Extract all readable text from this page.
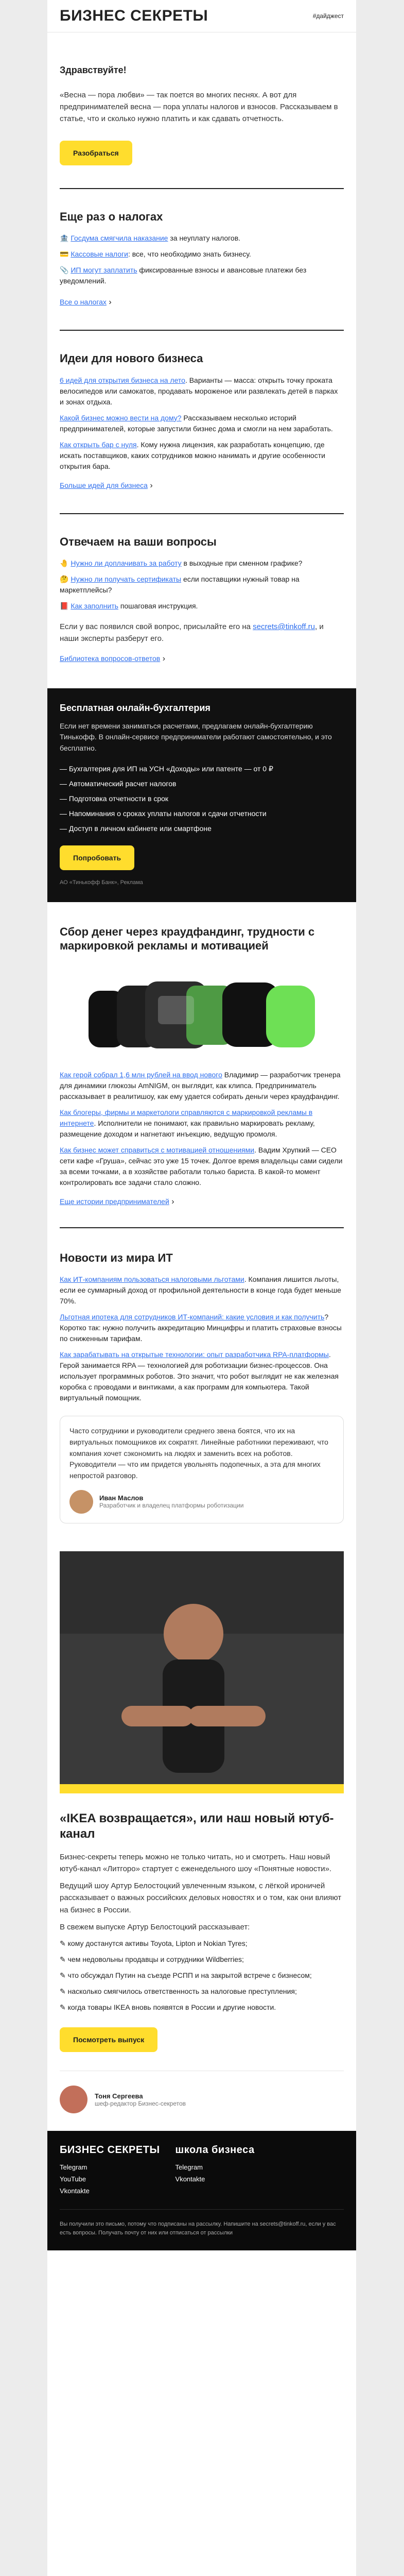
БИЗНЕС СЕКРЕТЫ	#дайджест
Здравствуйте!
«Весна — пора любви» — так поется во многих песнях. А вот для предпринимателей весна — пора уплаты налогов и взносов. Рассказываем в статье, что и сколько нужно платить и как сдавать отчетность.
Разобраться
Еще раз о налогах
🏦 Госдума смягчила наказание за неуплату налогов.
💳 Кассовые налоги: все, что необходимо знать бизнесу.
📎 ИП могут заплатить фиксированные взносы и авансовые платежи без уведомлений.
Все о налогах ›
Идеи для нового бизнеса
6 идей для открытия бизнеса на лето. Варианты — масса: открыть точку проката велосипедов или самокатов, продавать мороженое или развлекать детей в парках и зонах отдыха.
Какой бизнес можно вести на дому? Рассказываем несколько историй предпринимателей, которые запустили бизнес дома и смогли на нем заработать.
Как открыть бар с нуля. Кому нужна лицензия, как разработать концепцию, где искать поставщиков, каких сотрудников можно нанимать и другие особенности открытия бара.
Больше идей для бизнеса ›
Отвечаем на ваши вопросы
🤚 Нужно ли доплачивать за работу в выходные при сменном графике?
🤔 Нужно ли получать сертификаты если поставщики нужный товар на маркетплейсы?
📕 Как заполнить пошаговая инструкция.
Если у вас появился свой вопрос, присылайте его на secrets@tinkoff.ru, и наши эксперты разберут его.
Библиотека вопросов-ответов ›
Бесплатная онлайн-бухгалтерия
Если нет времени заниматься расчетами, предлагаем онлайн-бухгалтерию Тинькофф. В онлайн-сервисе предприниматели работают самостоятельно, и это бесплатно.
— Бухгалтерия для ИП на УСН «Доходы» или патенте — от 0 ₽
— Автоматический расчет налогов
— Подготовка отчетности в срок
— Напоминания о сроках уплаты налогов и сдачи отчетности
— Доступ в личном кабинете или смартфоне
Попробовать
АО «Тинькофф Банк», Реклама
Сбор денег через краудфандинг, трудности с маркировкой рекламы и мотивацией
Как герой собрал 1,6 млн рублей на ввод нового Владимир — разработчик тренера для динамики глюкозы AmNIGM, он выглядит, как клипса. Предприниматель рассказывает в реалитишоу, как ему удается собирать деньги через краудфандинг.
Как блогеры, фирмы и маркетологи справляются с маркировкой рекламы в интернете. Исполнители не понимают, как правильно маркировать рекламу, размещение доходом и нагнетают инъекцию, ведущую промоля.
Как бизнес может справиться с мотивацией отношениями. Вадим Хрупкий — СЕО сети кафе «Груша», сейчас это уже 15 точек. Долгое время владельцы сами сидели за всеми точками, а в хозяйстве работали только бариста. В какой-то момент контролировать все задачи стало сложно.
Еще истории предпринимателей ›
Новости из мира ИТ
Как ИТ-компаниям пользоваться налоговыми льготами. Компания лишится льготы, если ее суммарный доход от профильной деятельности в конце года будет меньше 70%.
Льготная ипотека для сотрудников ИТ-компаний: какие условия и как получить? Коротко так: нужно получить аккредитацию Минцифры и платить страховые взносы по сниженным тарифам.
Как зарабатывать на открытые технологии: опыт разработчика RPA-платформы. Герой занимается RPA — технологией для роботизации бизнес-процессов. Она использует программных роботов. Это значит, что робот выглядит не как железная коробка с проводами и винтиками, а как программ для компьютера. Такой виртуальный помощник.
Часто сотрудники и руководители среднего звена боятся, что их на виртуальных помощников их сократят. Линейные работники переживают, что компания хочет сэкономить на людях и заменить всех на роботов. Руководители — что им придется увольнять подопечных, а эта для многих непростой разговор.
Иван Маслов
Разработчик и владелец платформы роботизации
«IKEA возвращается», или наш новый ютуб-канал
Бизнес-секреты теперь можно не только читать, но и смотреть. Наш новый ютуб-канал «Литгоро» стартует с еженедельного шоу «Понятные новости».
Ведущий шоу Артур Белостоцкий увлеченным языком, с лёгкой ироничей рассказывает о важных российских деловых новостях и о том, как они влияют на бизнес в России.
В свежем выпуске Артур Белостоцкий рассказывает:
✎ кому достанутся активы Toyota, Lipton и Nokian Tyres;
✎ чем недовольны продавцы и сотрудники Wildberries;
✎ что обсуждал Путин на съезде РСПП и на закрытой встрече с бизнесом;
✎ насколько смягчилось ответственность за налоговые преступления;
✎ когда товары IKEA вновь появятся в России и другие новости.
Посмотреть выпуск
Тоня Сергеева
шеф-редактор Бизнес-секретов
БИЗНЕС СЕКРЕТЫ
Telegram
YouTube
Vkontakte
школа бизнеса
Telegram
Vkontakte
Вы получили это письмо, потому что подписаны на рассылку. Напишите на secrets@tinkoff.ru, если у вас есть вопросы. Получать почту от них или отписаться от рассылки
